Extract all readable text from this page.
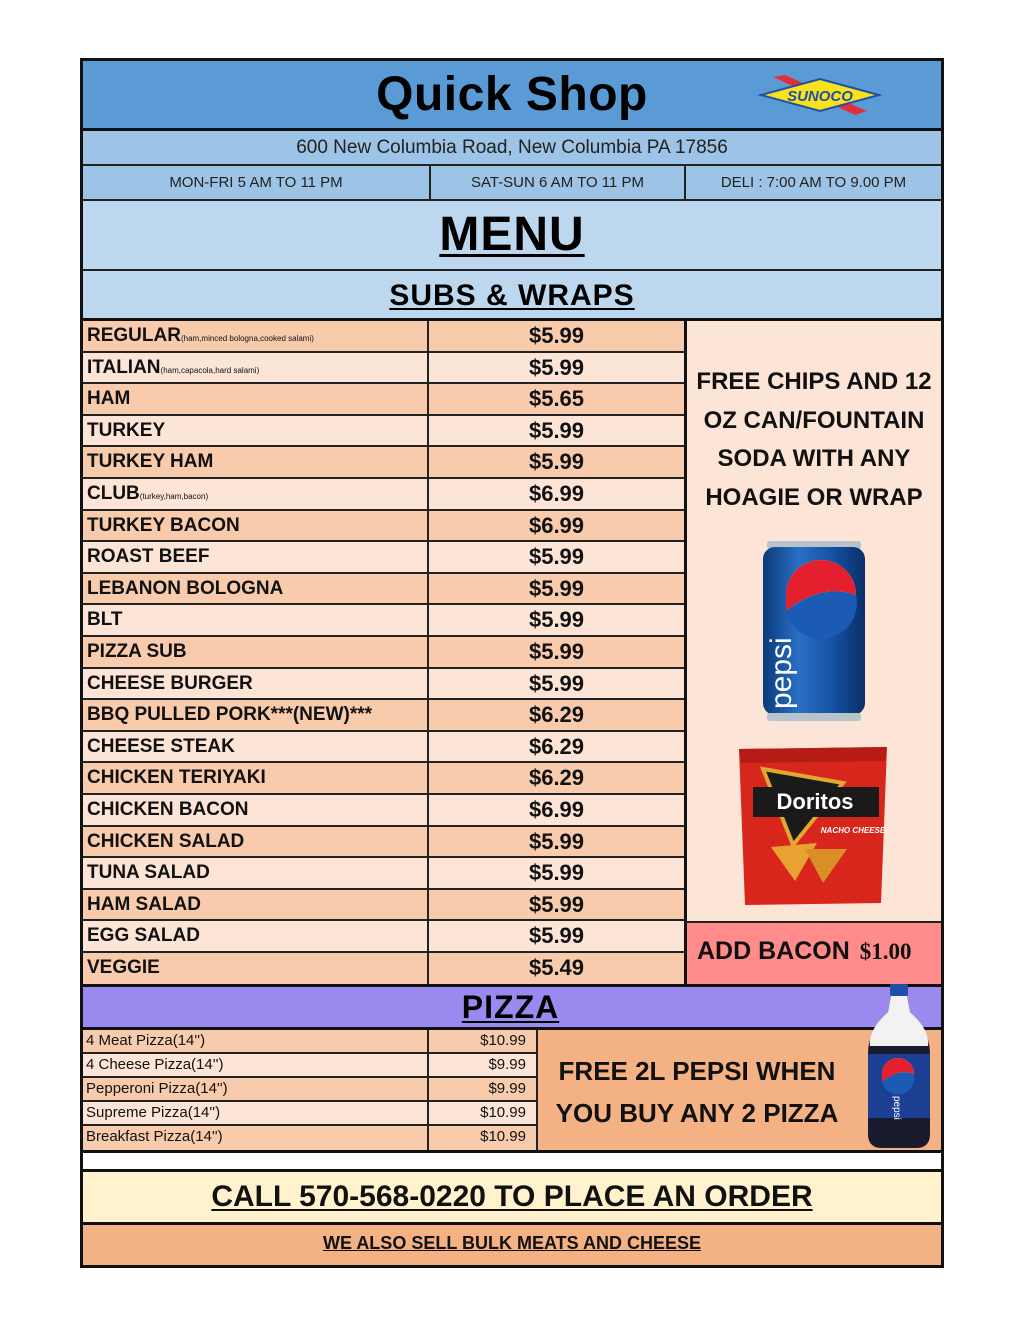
Quick Shop	SUNOCO
600 New Columbia Road, New Columbia PA 17856
MON-FRI 5 AM TO 11 PM	SAT-SUN 6 AM TO 11 PM	DELI : 7:00 AM TO 9.00 PM
MENU
SUBS & WRAPS
REGULAR(ham,minced bologna,cooked salami)	$5.99
ITALIAN(ham,capacola,hard salami)	$5.99
HAM	$5.65
TURKEY	$5.99
TURKEY HAM	$5.99
CLUB(turkey,ham,bacon)	$6.99
TURKEY BACON	$6.99
ROAST BEEF	$5.99
LEBANON BOLOGNA	$5.99
BLT	$5.99
PIZZA SUB	$5.99
CHEESE BURGER	$5.99
BBQ PULLED PORK***(NEW)***	$6.29
CHEESE STEAK	$6.29
CHICKEN TERIYAKI	$6.29
CHICKEN BACON	$6.99
CHICKEN SALAD	$5.99
TUNA SALAD	$5.99
HAM SALAD	$5.99
EGG SALAD	$5.99
VEGGIE	$5.49
FREE CHIPS AND 12
OZ CAN/FOUNTAIN
SODA WITH ANY
HOAGIE OR WRAP
pepsi
Doritos
NACHO CHEESE
ADD BACON $1.00
PIZZA
4 Meat Pizza(14'')	$10.99
4 Cheese Pizza(14'')	$9.99
Pepperoni Pizza(14'')	$9.99
Supreme Pizza(14'')	$10.99
Breakfast Pizza(14'')	$10.99
FREE 2L PEPSI WHEN
YOU BUY ANY 2 PIZZA	pepsi
CALL 570-568-0220 TO PLACE AN ORDER
WE ALSO SELL BULK MEATS AND CHEESE
